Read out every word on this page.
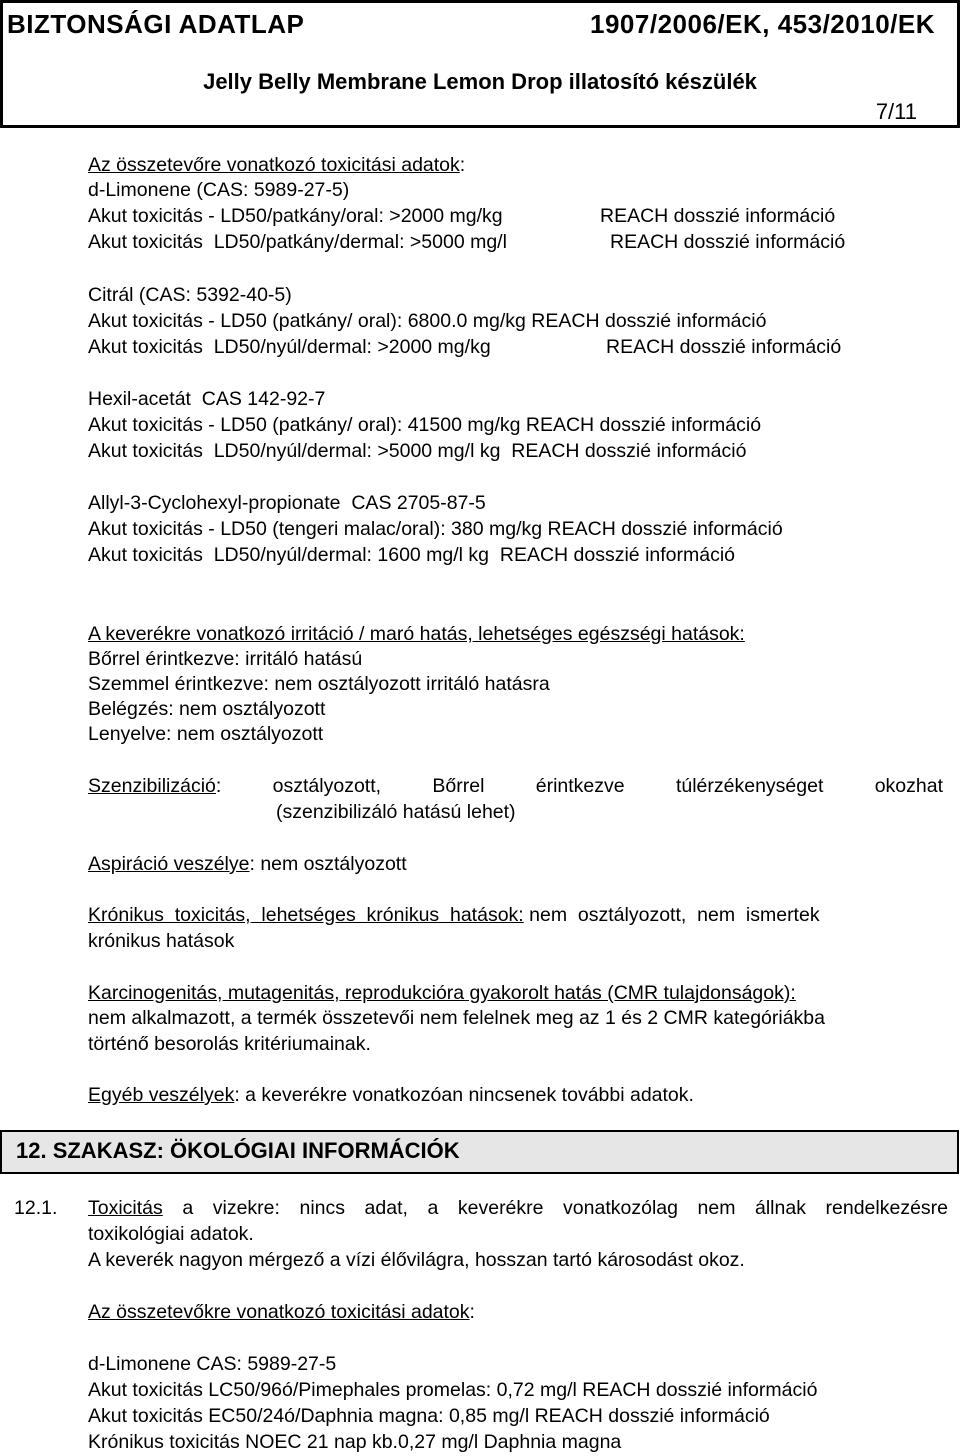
BIZTONSÁGI ADATLAP	1907/2006/EK, 453/2010/EK
Jelly Belly Membrane Lemon Drop illatosító készülék
7/11
Az összetevőre vonatkozó toxicitási adatok:
d-Limonene (CAS: 5989-27-5)
Akut toxicitás - LD50/patkány/oral: >2000 mg/kg	REACH dosszié információ
Akut toxicitás  LD50/patkány/dermal: >5000 mg/l	REACH dosszié információ
Citrál (CAS: 5392-40-5)
Akut toxicitás - LD50 (patkány/ oral): 6800.0 mg/kg REACH dosszié információ
Akut toxicitás  LD50/nyúl/dermal: >2000 mg/kg	REACH dosszié információ
Hexil-acetát  CAS 142-92-7
Akut toxicitás - LD50 (patkány/ oral): 41500 mg/kg REACH dosszié információ
Akut toxicitás  LD50/nyúl/dermal: >5000 mg/l kg  REACH dosszié információ
Allyl-3-Cyclohexyl-propionate  CAS 2705-87-5
Akut toxicitás - LD50 (tengeri malac/oral): 380 mg/kg REACH dosszié információ
Akut toxicitás  LD50/nyúl/dermal: 1600 mg/l kg  REACH dosszié információ
A keverékre vonatkozó irritáció / maró hatás, lehetséges egészségi hatások:
Bőrrel érintkezve: irritáló hatású
Szemmel érintkezve: nem osztályozott irritáló hatásra
Belégzés: nem osztályozott
Lenyelve: nem osztályozott
Szenzibilizáció:    osztályozott,    Bőrrel    érintkezve    túlérzékenységet    okozhat
(szenzibilizáló hatású lehet)
Aspiráció veszélye: nem osztályozott
Krónikus  toxicitás,  lehetséges  krónikus  hatások: nem  osztályozott,  nem  ismertek
krónikus hatások
Karcinogenitás, mutagenitás, reprodukcióra gyakorolt hatás (CMR tulajdonságok):
nem alkalmazott, a termék összetevői nem felelnek meg az 1 és 2 CMR kategóriákba
történő besorolás kritériumainak.
Egyéb veszélyek: a keverékre vonatkozóan nincsenek további adatok.
12. SZAKASZ: ÖKOLÓGIAI INFORMÁCIÓK
12.1. Toxicitás a vizekre: nincs adat, a keverékre vonatkozólag nem állnak rendelkezésre
toxikológiai adatok.
A keverék nagyon mérgező a vízi élővilágra, hosszan tartó károsodást okoz.
Az összetevőkre vonatkozó toxicitási adatok:
d-Limonene CAS: 5989-27-5
Akut toxicitás LC50/96ó/Pimephales promelas: 0,72 mg/l REACH dosszié információ
Akut toxicitás EC50/24ó/Daphnia magna: 0,85 mg/l REACH dosszié információ
Krónikus toxicitás NOEC 21 nap kb.0,27 mg/l Daphnia magna
